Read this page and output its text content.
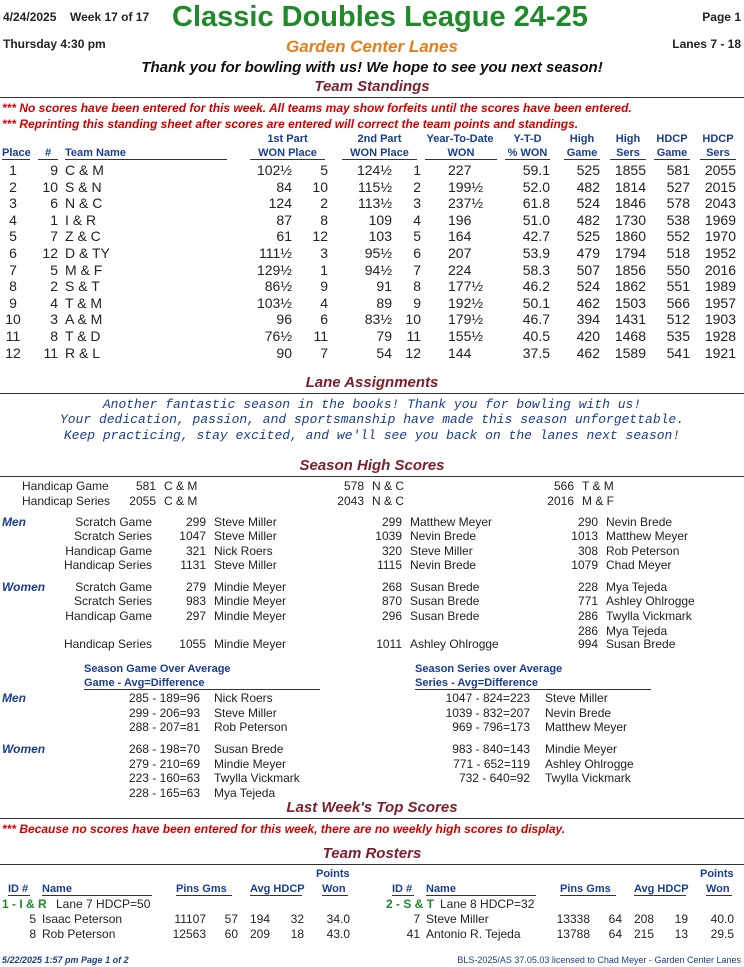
4/24/2025 Week 17 of 17 Classic Doubles League 24-25	Page 1
Thursday 4:30 pm	Garden Center Lanes	Lanes 7 - 18
Thank you for bowling with us! We hope to see you next season!
Team Standings
*** No scores have been entered for this week. All teams may show forfeits until the scores have been entered.
*** Reprinting this standing sheet after scores are entered will correct the team points and standings.
1st Part	2nd Part	Year-To-Date	Y-T-D	High	High	HDCP HDCP
Place	#	Team Name	WON Place	WON Place	WON	% WON Game	Sers	Game	Sers
1	9 C & M	102½	5	124½	1 227	59.1	525	1855	581	2055
2	10 S & N	84	10	115½	2 199½	52.0	482	1814	527	2015
3	6 N & C	124	2	113½	3 237½	61.8	524	1846	578	2043
4	1 I & R	87	8	109	4 196	51.0	482	1730	538	1969
5	7 Z & C	61	12	103	5 164	42.7	525	1860	552	1970
6	12 D & TY	111½	3	95½	6 207	53.9	479	1794	518	1952
7	5 M & F	129½	1	94½	7 224	58.3	507	1856	550	2016
8	2 S & T	86½	9	91	8 177½	46.2	524	1862	551	1989
9	4 T & M	103½	4	89	9 192½	50.1	462	1503	566	1957
10	3 A & M	96	6	83½ 10 179½	46.7	394	1431	512	1903
11	8 T & D	76½	11	79	11 155½	40.5	420	1468	535	1928
12	11 R & L	90	7	54 12 144	37.5	462	1589	541	1921
Lane Assignments
Another fantastic season in the books! Thank you for bowling with us!
Your dedication, passion, and sportsmanship have made this season unforgettable.
Keep practicing, stay excited, and we'll see you back on the lanes next season!
Season High Scores
Handicap Game	581 C & M	578 N & C	566 T & M
Handicap Series	2055 C & M	2043 N & C	2016 M & F
Scratch Game	299 Steve Miller	299 Matthew Meyer	290 Nevin Brede
Scratch Series	1047 Steve Miller	1039 Nevin Brede	1013 Matthew Meyer
Handicap Game	321 Nick Roers	320 Steve Miller	308 Rob Peterson
Handicap Series	1131 Steve Miller	1115 Nevin Brede	1079 Chad Meyer
Scratch Game	279 Mindie Meyer	268 Susan Brede	228 Mya Tejeda
Scratch Series	983 Mindie Meyer	870 Susan Brede	771 Ashley Ohlrogge
Handicap Game	297 Mindie Meyer	296 Susan Brede	286 Twylla Vickmark
286 Mya Tejeda
Handicap Series	1055 Mindie Meyer	1011 Ashley Ohlrogge	994 Susan Brede
Men
Women
Season Game Over Average
Game - Avg=Difference
Season Series over Average
Series - Avg=Difference
Men
Women
285 - 189=96 Nick Roers
299 - 206=93 Steve Miller
288 - 207=81 Rob Peterson
1047 - 824=223 Steve Miller
1039 - 832=207 Nevin Brede
969 - 796=173 Matthew Meyer
268 - 198=70 Susan Brede
279 - 210=69 Mindie Meyer
223 - 160=63 Twylla Vickmark
228 - 165=63 Mya Tejeda
983 - 840=143 Mindie Meyer
771 - 652=119 Ashley Ohlrogge
732 - 640=92 Twylla Vickmark
Last Week's Top Scores
*** Because no scores have been entered for this week, there are no weekly high scores to display.
Team Rosters
ID # Name	Pins Gms	Avg HDCP
Points
Won	ID # Name	Pins Gms	Avg HDCP
Points
Won
1 - I & R Lane 7 HDCP=50
5 Isaac Peterson	11107	57 194	32	34.0
8 Rob Peterson	12563	60 209	18	43.0
2 - S & T Lane 8 HDCP=32
7 Steve Miller	13338	64 208	19	40.0
41 Antonio R. Tejeda	13788	64 215	13	29.5
5/22/2025 1:57 pm Page 1 of 2	BLS-2025/AS 37.05.03 licensed to Chad Meyer - Garden Center Lanes
